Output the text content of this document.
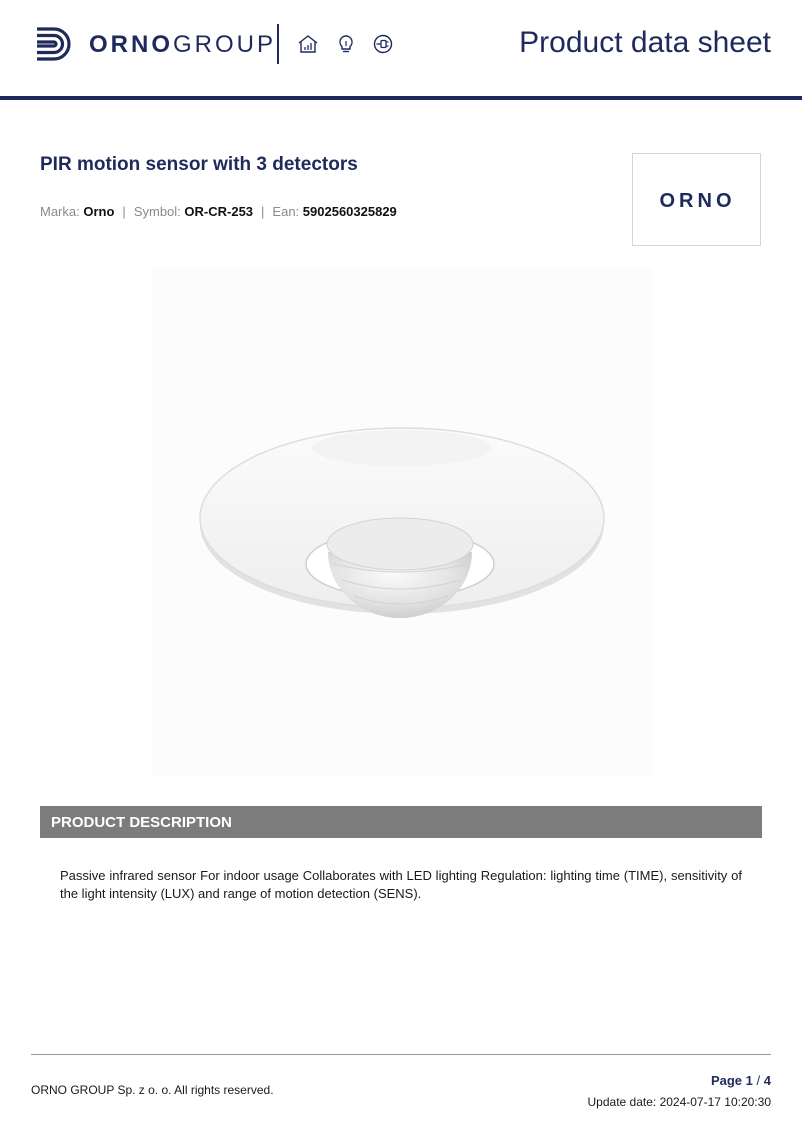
ORNOGROUP	Product data sheet
PIR motion sensor with 3 detectors
Marka: Orno | Symbol: OR-CR-253 | Ean: 5902560325829	ORNO
PRODUCT DESCRIPTION
Passive infrared sensor For indoor usage Collaborates with LED lighting Regulation: lighting time (TIME), sensitivity of the light intensity (LUX) and range of motion detection (SENS).
ORNO GROUP Sp. z o. o. All rights reserved.
Page 1 / 4
Update date: 2024-07-17 10:20:30
